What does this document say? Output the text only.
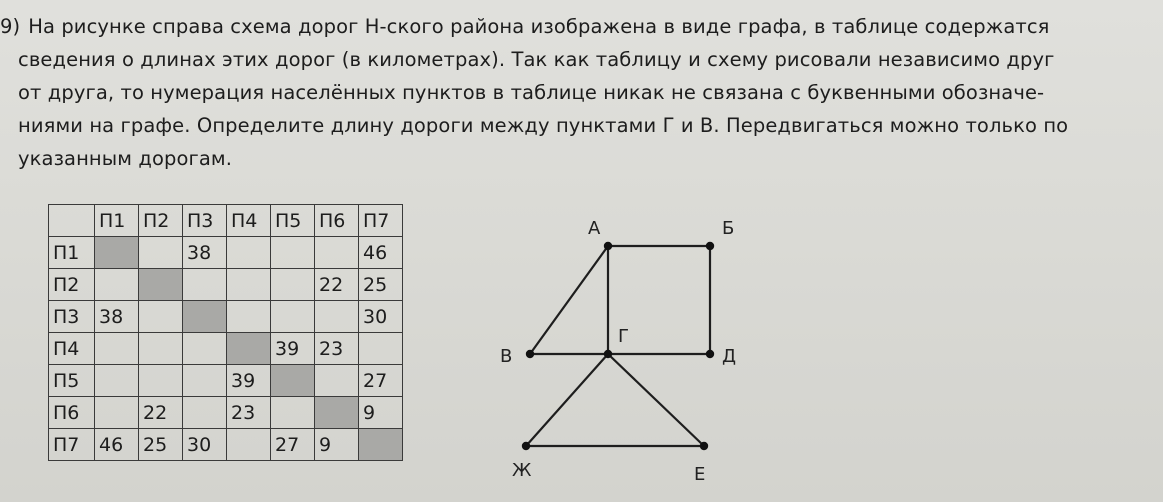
9) На рисунке справа схема дорог Н-ского района изображена в виде графа, в таблице содержатся
сведения о длинах этих дорог (в километрах). Так как таблицу и схему рисовали независимо друг
от друга, то нумерация населённых пунктов в таблице никак не связана с буквенными обозначе-
ниями на графе. Определите длину дороги между пунктами Г и В. Передвигаться можно только по
указанным дорогам.
	П1	П2	П3	П4	П5	П6	П7
П1			38				46
П2						22	25
П3	38						30
П4					39	23	
П5				39			27
П6		22		23			9
П7	46	25	30		27	9	
А	Б
В
Г
Д
Ж	Е
